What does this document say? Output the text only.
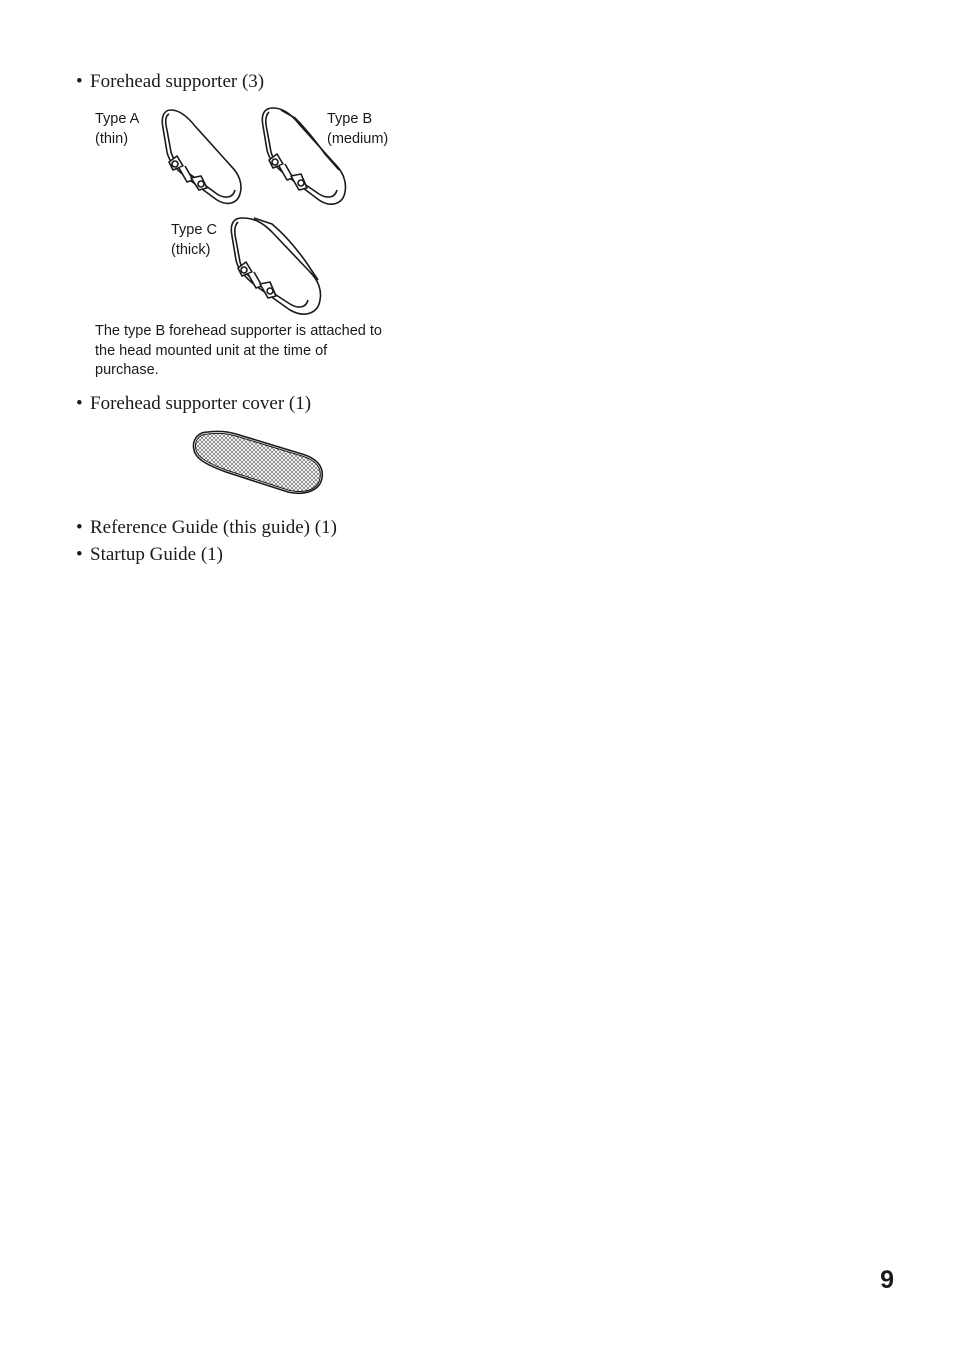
• Forehead supporter (3)
Type A
(thin)
Type B
(medium)
Type C
(thick)
The type B forehead supporter is attached to
the head mounted unit at the time of
purchase.
• Forehead supporter cover (1)
• Reference Guide (this guide) (1)
• Startup Guide (1)
9
